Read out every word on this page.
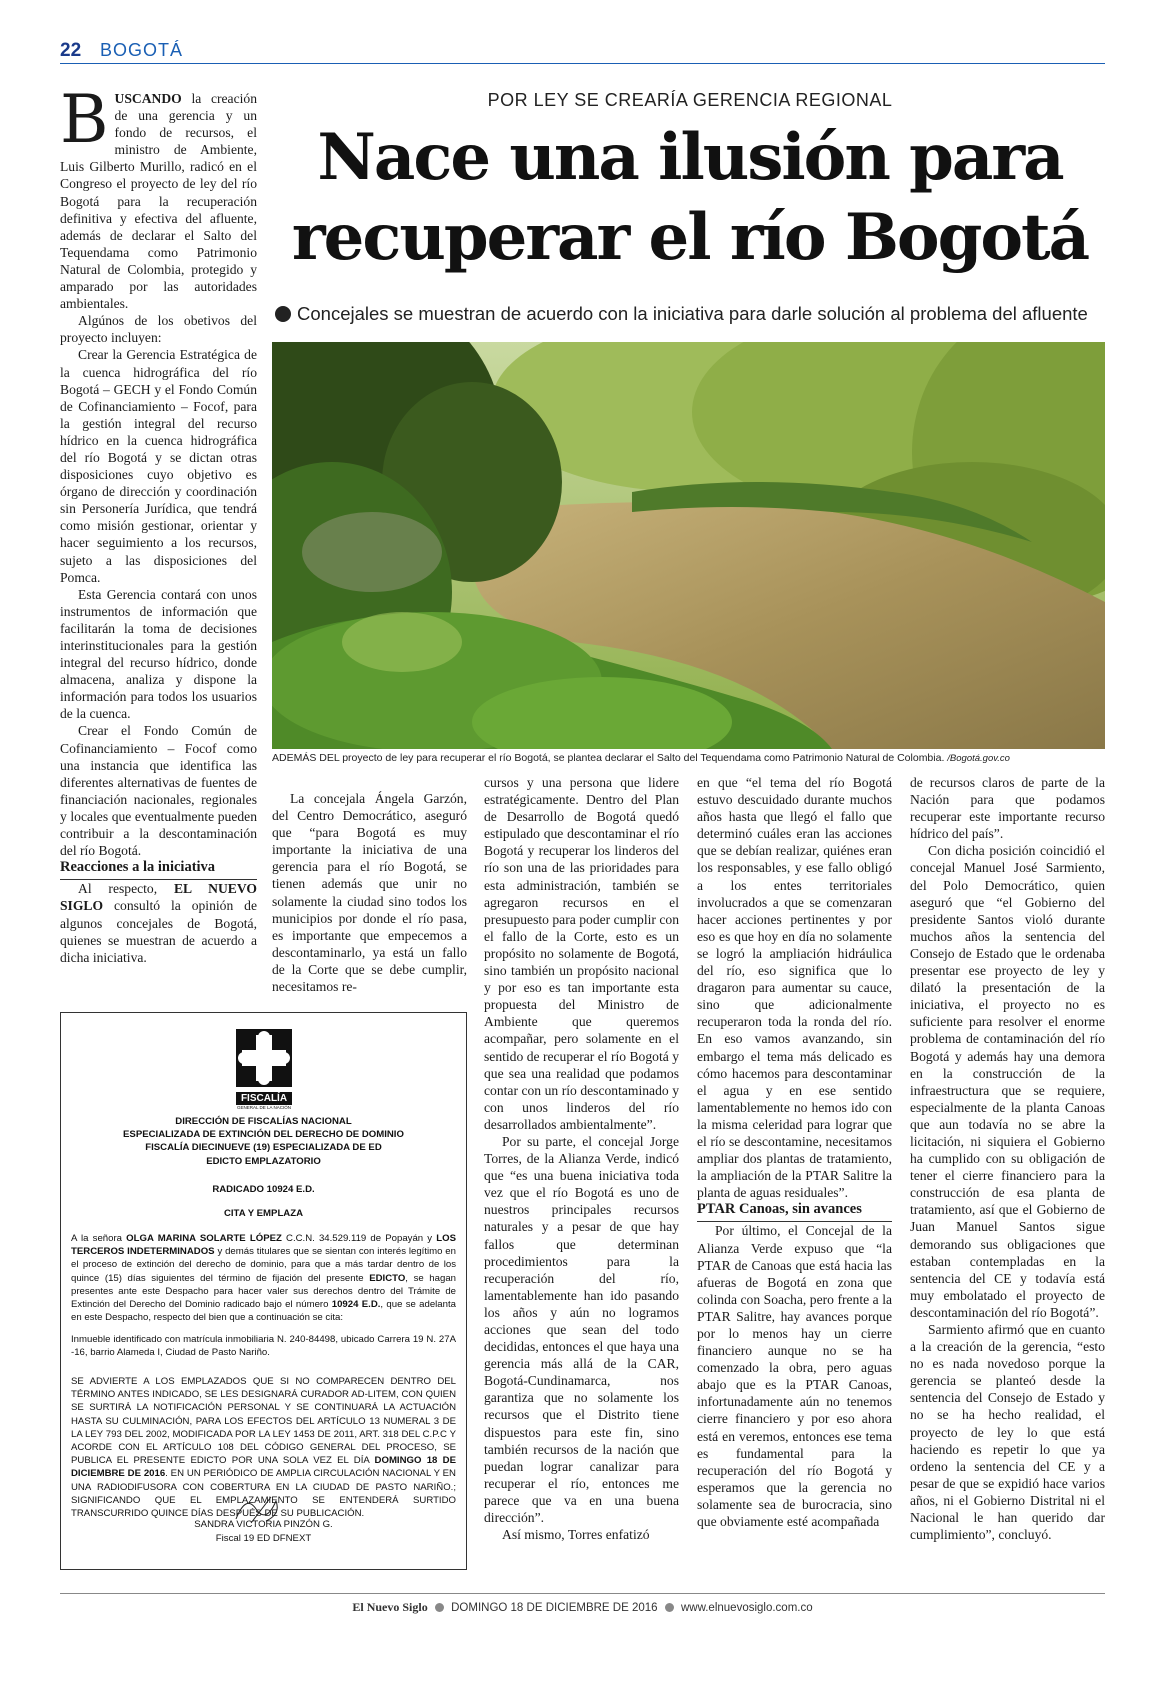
22 BOGOTÁ
POR LEY SE CREARÍA GERENCIA REGIONAL
Nace una ilusión para
recuperar el río Bogotá
Concejales se muestran de acuerdo con la iniciativa para darle solución al problema del afluente
ADEMÁS DEL proyecto de ley para recuperar el río Bogotá, se plantea declarar el Salto del Tequendama como Patrimonio Natural de Colombia. /Bogotá.gov.co

BUSCANDO la creación de una gerencia y un fondo de recursos, el ministro de Ambiente, Luis Gilberto Murillo, radicó en el Congreso el proyecto de ley del río Bogotá para la recuperación definitiva y efectiva del afluente, además de declarar el Salto del Tequendama como Patrimonio Natural de Colombia, protegido y amparado por las autoridades ambientales.

Algúnos de los obetivos del proyecto incluyen:

Crear la Gerencia Estratégica de la cuenca hidrográfica del río Bogotá – GECH y el Fondo Común de Cofinanciamiento – Focof, para la gestión integral del recurso hídrico en la cuenca hidrográfica del río Bogotá y se dictan otras disposiciones cuyo objetivo es órgano de dirección y coordinación sin Personería Jurídica, que tendrá como misión gestionar, orientar y hacer seguimiento a los recursos, sujeto a las disposiciones del Pomca.

Esta Gerencia contará con unos instrumentos de información que facilitarán la toma de decisiones interinstitucionales para la gestión integral del recurso hídrico, donde almacena, analiza y dispone la información para todos los usuarios de la cuenca.

Crear el Fondo Común de Cofinanciamiento – Focof como una instancia que identifica las diferentes alternativas de fuentes de financiación nacionales, regionales y locales que eventualmente pueden contribuir a la descontaminación del río Bogotá.

Reacciones a la iniciativa

Al respecto, EL NUEVO SIGLO consultó la opinión de algunos concejales de Bogotá, quienes se muestran de acuerdo a dicha iniciativa.

La concejala Ángela Garzón, del Centro Democrático, aseguró que “para Bogotá es muy importante la iniciativa de una gerencia para el río Bogotá, se tienen además que unir no solamente la ciudad sino todos los municipios por donde el río pasa, es importante que empecemos a descontaminarlo, ya está un fallo de la Corte que se debe cumplir, necesitamos re-

cursos y una persona que lidere estratégicamente. Dentro del Plan de Desarrollo de Bogotá quedó estipulado que descontaminar el río Bogotá y recuperar los linderos del río son una de las prioridades para esta administración, también se agregaron recursos en el presupuesto para poder cumplir con el fallo de la Corte, esto es un propósito no solamente de Bogotá, sino también un propósito nacional y por eso es tan importante esta propuesta del Ministro de Ambiente que queremos acompañar, pero solamente en el sentido de recuperar el río Bogotá y que sea una realidad que podamos contar con un río descontaminado y con unos linderos del río desarrollados ambientalmente”.

Por su parte, el concejal Jorge Torres, de la Alianza Verde, indicó que “es una buena iniciativa toda vez que el río Bogotá es uno de nuestros principales recursos naturales y a pesar de que hay fallos que determinan procedimientos para la recuperación del río, lamentablemente han ido pasando los años y aún no logramos acciones que sean del todo decididas, entonces el que haya una gerencia más allá de la CAR, Bogotá-Cundinamarca, nos garantiza que no solamente los recursos que el Distrito tiene dispuestos para este fin, sino también recursos de la nación que puedan lograr canalizar para recuperar el río, entonces me parece que va en una buena dirección”.

Así mismo, Torres enfatizó

en que “el tema del río Bogotá estuvo descuidado durante muchos años hasta que llegó el fallo que determinó cuáles eran las acciones que se debían realizar, quiénes eran los responsables, y ese fallo obligó a los entes territoriales involucrados a que se comenzaran hacer acciones pertinentes y por eso es que hoy en día no solamente se logró la ampliación hidráulica del río, eso significa que lo dragaron para aumentar su cauce, sino que adicionalmente recuperaron toda la ronda del río. En eso vamos avanzando, sin embargo el tema más delicado es cómo hacemos para descontaminar el agua y en ese sentido lamentablemente no hemos ido con la misma celeridad para lograr que el río se descontamine, necesitamos ampliar dos plantas de tratamiento, la ampliación de la PTAR Salitre la planta de aguas residuales”.

PTAR Canoas, sin avances

Por último, el Concejal de la Alianza Verde expuso que “la PTAR de Canoas que está hacia las afueras de Bogotá en zona que colinda con Soacha, pero frente a la PTAR Salitre, hay avances porque por lo menos hay un cierre financiero aunque no se ha comenzado la obra, pero aguas abajo que es la PTAR Canoas, infortunadamente aún no tenemos cierre financiero y por eso ahora está en veremos, entonces ese tema es fundamental para la recuperación del río Bogotá y esperamos que la gerencia no solamente sea de burocracia, sino que obviamente esté acompañada

de recursos claros de parte de la Nación para que podamos recuperar este importante recurso hídrico del país”.

Con dicha posición coincidió el concejal Manuel José Sarmiento, del Polo Democrático, quien aseguró que “el Gobierno del presidente Santos violó durante muchos años la sentencia del Consejo de Estado que le ordenaba presentar ese proyecto de ley y dilató la presentación de la iniciativa, el proyecto no es suficiente para resolver el enorme problema de contaminación del río Bogotá y además hay una demora en la construcción de la infraestructura que se requiere, especialmente de la planta Canoas que aun todavía no se abre la licitación, ni siquiera el Gobierno ha cumplido con su obligación de tener el cierre financiero para la construcción de esa planta de tratamiento, así que el Gobierno de Juan Manuel Santos sigue demorando sus obligaciones que estaban contempladas en la sentencia del CE y todavía está muy embolatado el proyecto de descontaminación del río Bogotá”.

Sarmiento afirmó que en cuanto a la creación de la gerencia, “esto no es nada novedoso porque la gerencia se planteó desde la sentencia del Consejo de Estado y no se ha hecho realidad, el proyecto de ley lo que está haciendo es repetir lo que ya ordeno la sentencia del CE y a pesar de que se expidió hace varios años, ni el Gobierno Distrital ni el Nacional le han querido dar cumplimiento”, concluyó.

FISCALÍA
GENERAL DE LA NACIÓN
DIRECCIÓN DE FISCALÍAS NACIONAL
ESPECIALIZADA DE EXTINCIÓN DEL DERECHO DE DOMINIO
FISCALÍA DIECINUEVE (19) ESPECIALIZADA DE ED
EDICTO EMPLAZATORIO
RADICADO 10924 E.D.
CITA Y EMPLAZA
A la señora OLGA MARINA SOLARTE LÓPEZ C.C.N. 34.529.119 de Popayán y LOS TERCEROS INDETERMINADOS y demás titulares que se sientan con interés legítimo en el proceso de extinción del derecho de dominio, para que a más tardar dentro de los quince (15) días siguientes del término de fijación del presente EDICTO, se hagan presentes ante este Despacho para hacer valer sus derechos dentro del Trámite de Extinción del Derecho del Dominio radicado bajo el número 10924 E.D., que se adelanta en este Despacho, respecto del bien que a continuación se cita:
Inmueble identificado con matrícula inmobiliaria N. 240-84498, ubicado Carrera 19 N. 27A -16, barrio Alameda I, Ciudad de Pasto Nariño.
SE ADVIERTE A LOS EMPLAZADOS QUE SI NO COMPARECEN DENTRO DEL TÉRMINO ANTES INDICADO, SE LES DESIGNARÁ CURADOR AD-LITEM, CON QUIEN SE SURTIRÁ LA NOTIFICACIÓN PERSONAL Y SE CONTINUARÁ LA ACTUACIÓN HASTA SU CULMINACIÓN, PARA LOS EFECTOS DEL ARTÍCULO 13 NUMERAL 3 DE LA LEY 793 DEL 2002, MODIFICADA POR LA LEY 1453 DE 2011, ART. 318 DEL C.P.C Y ACORDE CON EL ARTÍCULO 108 DEL CÓDIGO GENERAL DEL PROCESO, SE PUBLICA EL PRESENTE EDICTO POR UNA SOLA VEZ EL DÍA DOMINGO 18 DE DICIEMBRE DE 2016. EN UN PERIÓDICO DE AMPLIA CIRCULACIÓN NACIONAL Y EN UNA RADIODIFUSORA CON COBERTURA EN LA CIUDAD DE PASTO NARIÑO.; SIGNIFICANDO QUE EL EMPLAZAMIENTO SE ENTENDERÁ SURTIDO TRANSCURRIDO QUINCE DÍAS DESPUÉS DE SU PUBLICACIÓN.
SANDRA VICTORIA PINZÓN G.
Fiscal 19 ED DFNEXT
El Nuevo Siglo DOMINGO 18 DE DICIEMBRE DE 2016 www.elnuevosiglo.com.co
